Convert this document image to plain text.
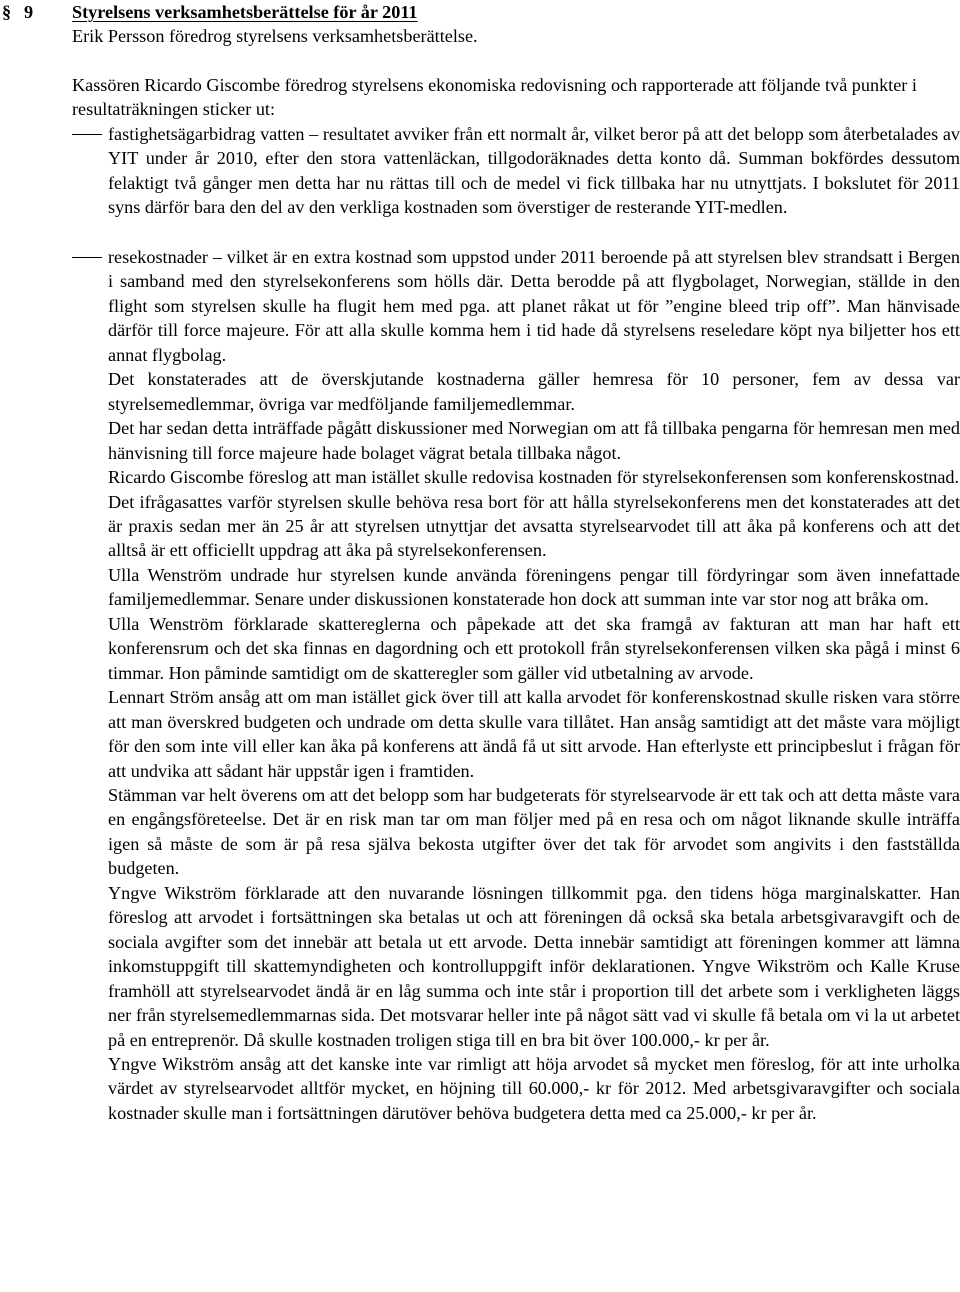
§ 9 Styrelsens verksamhetsberättelse för år 2011
Erik Persson föredrog styrelsens verksamhetsberättelse.
Kassören Ricardo Giscombe föredrog styrelsens ekonomiska redovisning och rapporterade att följande två punkter i resultaträkningen sticker ut:

fastighetsägarbidrag vatten – resultatet avviker från ett normalt år, vilket beror på att det belopp som återbetalades av YIT under år 2010, efter den stora vattenläckan, tillgodoräknades detta konto då. Summan bokfördes dessutom felaktigt två gånger men detta har nu rättas till och de medel vi fick tillbaka har nu utnyttjats. I bokslutet för 2011 syns därför bara den del av den verkliga kostnaden som överstiger de resterande YIT-medlen.

resekostnader – vilket är en extra kostnad som uppstod under 2011 beroende på att styrelsen blev strandsatt i Bergen i samband med den styrelsekonferens som hölls där. Detta berodde på att flygbolaget, Norwegian, ställde in den flight som styrelsen skulle ha flugit hem med pga. att planet råkat ut för ”engine bleed trip off”. Man hänvisade därför till force majeure. För att alla skulle komma hem i tid hade då styrelsens reseledare köpt nya biljetter hos ett annat flygbolag.

Det konstaterades att de överskjutande kostnaderna gäller hemresa för 10 personer, fem av dessa var styrelsemedlemmar, övriga var medföljande familjemedlemmar.

Det har sedan detta inträffade pågått diskussioner med Norwegian om att få tillbaka pengarna för hemresan men med hänvisning till force majeure hade bolaget vägrat betala tillbaka något.

Ricardo Giscombe föreslog att man istället skulle redovisa kostnaden för styrelsekonferensen som konferenskostnad.

Det ifrågasattes varför styrelsen skulle behöva resa bort för att hålla styrelsekonferens men det konstaterades att det är praxis sedan mer än 25 år att styrelsen utnyttjar det avsatta styrelsearvodet till att åka på konferens och att det alltså är ett officiellt uppdrag att åka på styrelsekonferensen.

Ulla Wenström undrade hur styrelsen kunde använda föreningens pengar till fördyringar som även innefattade familjemedlemmar. Senare under diskussionen konstaterade hon dock att summan inte var stor nog att bråka om.

Ulla Wenström förklarade skattereglerna och påpekade att det ska framgå av fakturan att man har haft ett konferensrum och det ska finnas en dagordning och ett protokoll från styrelsekonferensen vilken ska pågå i minst 6 timmar. Hon påminde samtidigt om de skatteregler som gäller vid utbetalning av arvode.

Lennart Ström ansåg att om man istället gick över till att kalla arvodet för konferenskostnad skulle risken vara större att man överskred budgeten och undrade om detta skulle vara tillåtet. Han ansåg samtidigt att det måste vara möjligt för den som inte vill eller kan åka på konferens att ändå få ut sitt arvode. Han efterlyste ett principbeslut i frågan för att undvika att sådant här uppstår igen i framtiden.

Stämman var helt överens om att det belopp som har budgeterats för styrelsearvode är ett tak och att detta måste vara en engångsföreteelse. Det är en risk man tar om man följer med på en resa och om något liknande skulle inträffa igen så måste de som är på resa själva bekosta utgifter över det tak för arvodet som angivits i den fastställda budgeten.

Yngve Wikström förklarade att den nuvarande lösningen tillkommit pga. den tidens höga marginalskatter. Han föreslog att arvodet i fortsättningen ska betalas ut och att föreningen då också ska betala arbetsgivaravgift och de sociala avgifter som det innebär att betala ut ett arvode. Detta innebär samtidigt att föreningen kommer att lämna inkomstuppgift till skattemyndigheten och kontrolluppgift inför deklarationen. Yngve Wikström och Kalle Kruse framhöll att styrelsearvodet ändå är en låg summa och inte står i proportion till det arbete som i verkligheten läggs ner från styrelsemedlemmarnas sida. Det motsvarar heller inte på något sätt vad vi skulle få betala om vi la ut arbetet på en entreprenör. Då skulle kostnaden troligen stiga till en bra bit över 100.000,- kr per år.

Yngve Wikström ansåg att det kanske inte var rimligt att höja arvodet så mycket men föreslog, för att inte urholka värdet av styrelsearvodet alltför mycket, en höjning till 60.000,- kr för 2012. Med arbetsgivaravgifter och sociala kostnader skulle man i fortsättningen därutöver behöva budgetera detta med ca 25.000,- kr per år.
